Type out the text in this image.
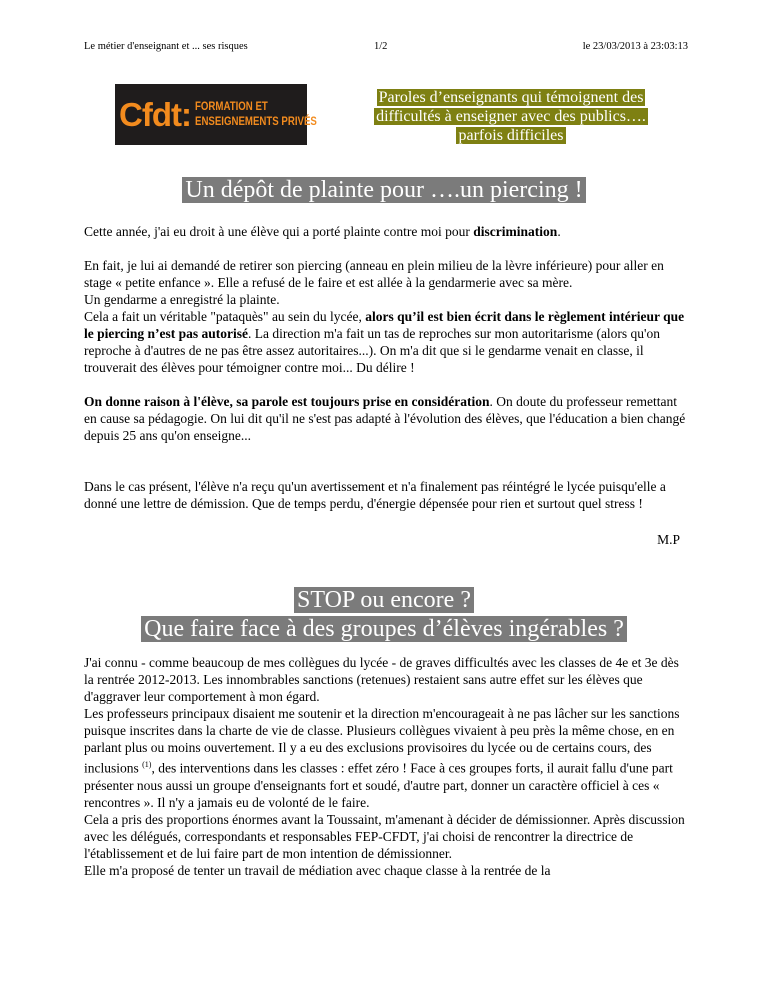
Le métier d'enseignant et ... ses risques	1/2	le 23/03/2013 à 23:03:13
Cfdt: FORMATION ET
ENSEIGNEMENTS PRIVÉS
Paroles d’enseignants qui témoignent des
difficultés à enseigner avec des publics….
parfois difficiles
Un dépôt de plainte pour ….un piercing !

Cette année, j'ai eu droit à une élève qui a porté plainte contre moi pour discrimination.

En fait, je lui ai demandé de retirer son piercing (anneau en plein milieu de la lèvre inférieure) pour aller en stage « petite enfance ». Elle a refusé de le faire et est allée à la gendarmerie avec sa mère.

Un gendarme a enregistré la plainte.

Cela a fait un véritable "pataquès" au sein du lycée, alors qu’il est bien écrit dans le règlement intérieur que le piercing n’est pas autorisé. La direction m'a fait un tas de reproches sur mon autoritarisme (alors qu'on reproche à d'autres de ne pas être assez autoritaires...). On m'a dit que si le gendarme venait en classe, il trouverait des élèves pour témoigner contre moi... Du délire !

On donne raison à l'élève, sa parole est toujours prise en considération. On doute du professeur remettant en cause sa pédagogie. On lui dit qu'il ne s'est pas adapté à l'évolution des élèves, que l'éducation a bien changé depuis 25 ans qu'on enseigne...

Dans le cas présent, l'élève n'a reçu qu'un avertissement et n'a finalement pas réintégré le lycée puisqu'elle a donné une lettre de démission. Que de temps perdu, d'énergie dépensée pour rien et surtout quel stress !

M.P
STOP ou encore ?
Que faire face à des groupes d’élèves ingérables ?

J'ai connu - comme beaucoup de mes collègues du lycée - de graves difficultés avec les classes de 4e et 3e dès la rentrée 2012-2013. Les innombrables sanctions (retenues) restaient sans autre effet sur les élèves que d'aggraver leur comportement à mon égard.

Les professeurs principaux disaient me soutenir et la direction m'encourageait à ne pas lâcher sur les sanctions puisque inscrites dans la charte de vie de classe. Plusieurs collègues vivaient à peu près la même chose, en en parlant plus ou moins ouvertement. Il y a eu des exclusions provisoires du lycée ou de certains cours, des inclusions $^{(1)}$, des interventions dans les classes : effet zéro ! Face à ces groupes forts, il aurait fallu d'une part présenter nous aussi un groupe d'enseignants fort et soudé, d'autre part, donner un caractère officiel à ces « rencontres ». Il n'y a jamais eu de volonté de le faire.

Cela a pris des proportions énormes avant la Toussaint, m'amenant à décider de démissionner. Après discussion avec les délégués, correspondants et responsables FEP-CFDT, j'ai choisi de rencontrer la directrice de l'établissement et de lui faire part de mon intention de démissionner.

Elle m'a proposé de tenter un travail de médiation avec chaque classe à la rentrée de la
